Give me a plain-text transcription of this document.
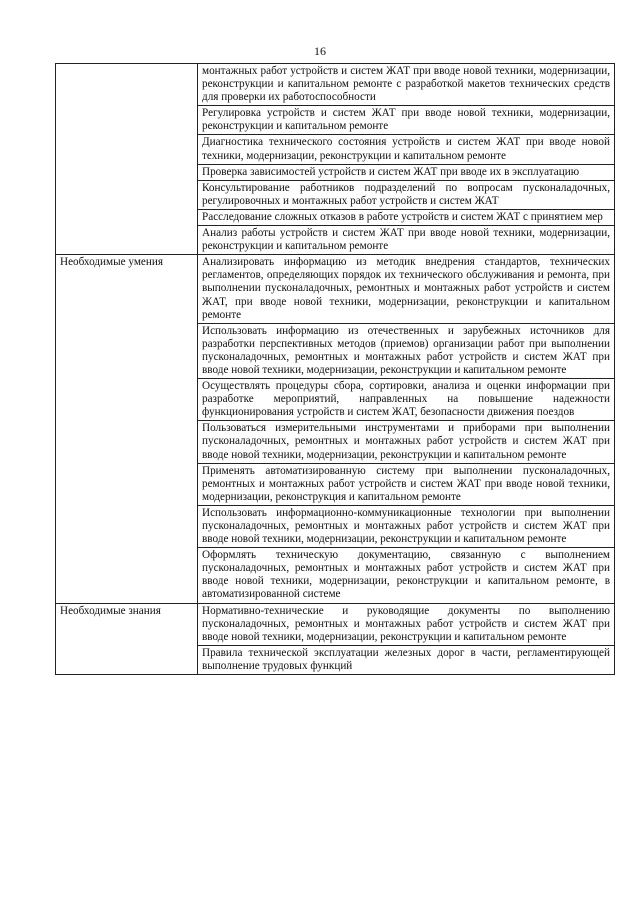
16
	монтажных работ устройств и систем ЖАТ при вводе новой техники, модернизации, реконструкции и капитальном ремонте с разработкой макетов технических средств для проверки их работоспособности
	Регулировка устройств и систем ЖАТ при вводе новой техники, модернизации, реконструкции и капитальном ремонте
	Диагностика технического состояния устройств и систем ЖАТ при вводе новой техники, модернизации, реконструкции и капитальном ремонте
	Проверка зависимостей устройств и систем ЖАТ при вводе их в эксплуатацию
	Консультирование работников подразделений по вопросам пусконаладочных, регулировочных и монтажных работ устройств и систем ЖАТ
	Расследование сложных отказов в работе устройств и систем ЖАТ с принятием мер
	Анализ работы устройств и систем ЖАТ при вводе новой техники, модернизации, реконструкции и капитальном ремонте
Необходимые умения	Анализировать информацию из методик внедрения стандартов, технических регламентов, определяющих порядок их технического обслуживания и ремонта, при выполнении пусконаладочных, ремонтных и монтажных работ устройств и систем ЖАТ, при вводе новой техники, модернизации, реконструкции и капитальном ремонте
	Использовать информацию из отечественных и зарубежных источников для разработки перспективных методов (приемов) организации работ при выполнении пусконаладочных, ремонтных и монтажных работ устройств и систем ЖАТ при вводе новой техники, модернизации, реконструкции и капитальном ремонте
	Осуществлять процедуры сбора, сортировки, анализа и оценки информации при разработке мероприятий, направленных на повышение надежности функционирования устройств и систем ЖАТ, безопасности движения поездов
	Пользоваться измерительными инструментами и приборами при выполнении пусконаладочных, ремонтных и монтажных работ устройств и систем ЖАТ при вводе новой техники, модернизации, реконструкции и капитальном ремонте
	Применять автоматизированную систему при выполнении пусконаладочных, ремонтных и монтажных работ устройств и систем ЖАТ при вводе новой техники, модернизации, реконструкция и капитальном ремонте
	Использовать информационно-коммуникационные технологии при выполнении пусконаладочных, ремонтных и монтажных работ устройств и систем ЖАТ при вводе новой техники, модернизации, реконструкции и капитальном ремонте
	Оформлять техническую документацию, связанную с выполнением пусконаладочных, ремонтных и монтажных работ устройств и систем ЖАТ при вводе новой техники, модернизации, реконструкции и капитальном ремонте, в автоматизированной системе
Необходимые знания	Нормативно-технические и руководящие документы по выполнению пусконаладочных, ремонтных и монтажных работ устройств и систем ЖАТ при вводе новой техники, модернизации, реконструкции и капитальном ремонте
	Правила технической эксплуатации железных дорог в части, регламентирующей выполнение трудовых функций
